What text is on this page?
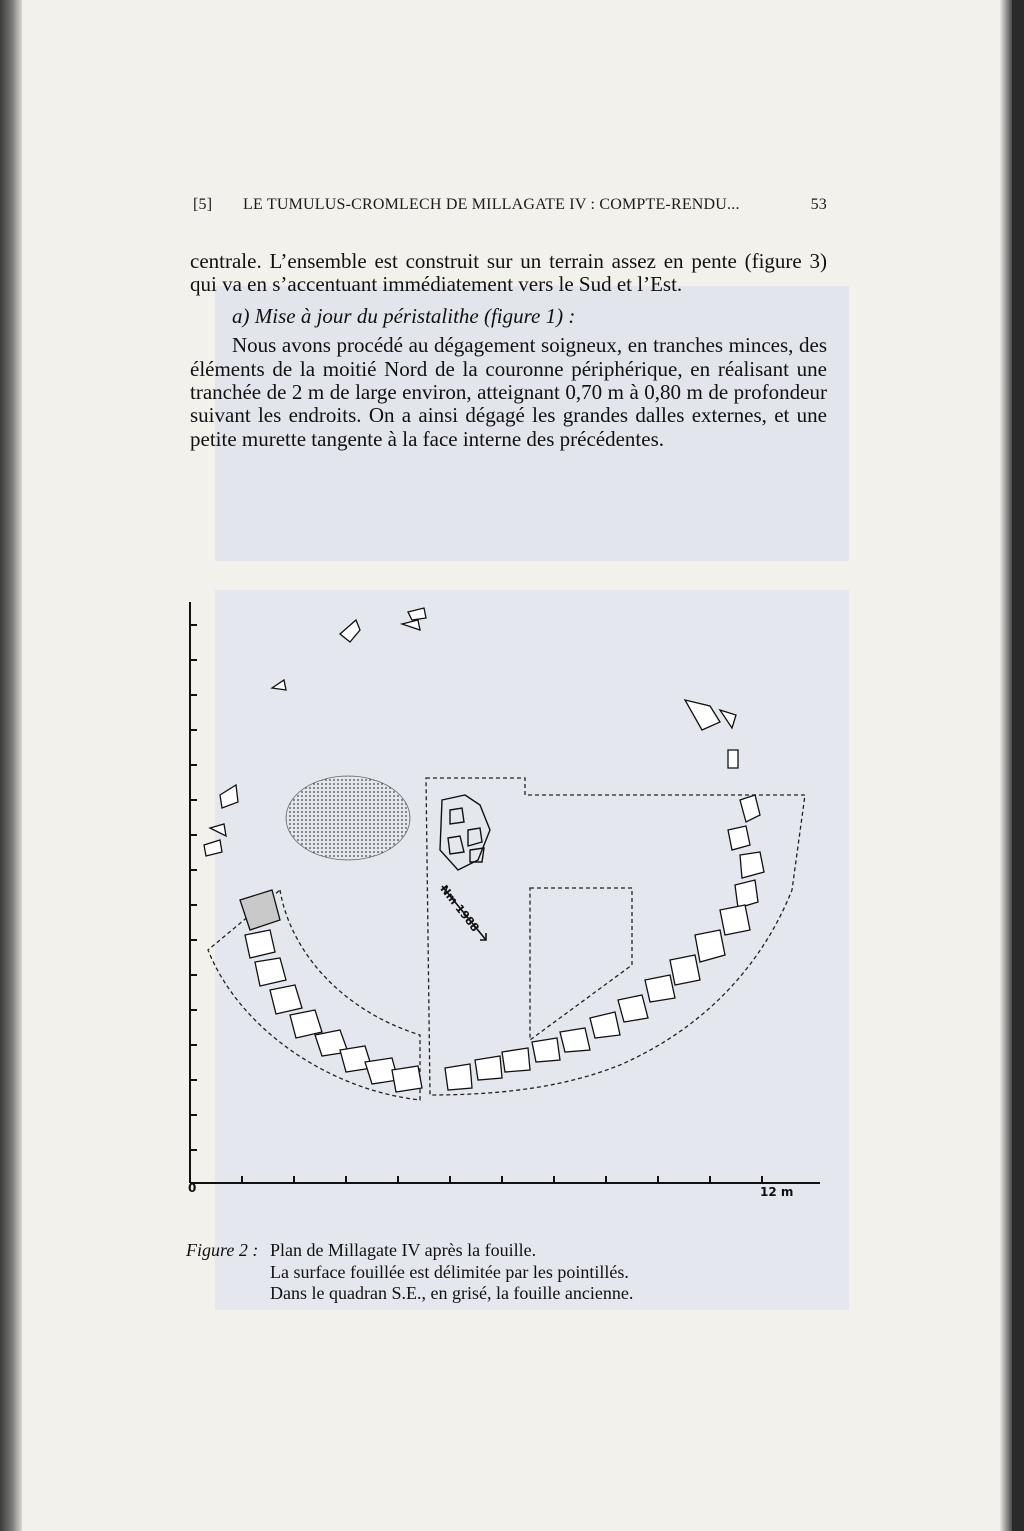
[5] LE TUMULUS-CROMLECH DE MILLAGATE IV : COMPTE-RENDU...	53

centrale. L’ensemble est construit sur un terrain assez en pente (figure 3)

qui va en s’accentuant immédiatement vers le Sud et l’Est.

a) Mise à jour du péristalithe (figure 1) :

Nous avons procédé au dégagement soigneux, en tranches minces, des éléments de la moitié Nord de la couronne périphérique, en réalisant une tranchée de 2 m de large environ, atteignant 0,70 m à 0,80 m de profondeur suivant les endroits. On a ainsi dégagé les grandes dalles externes, et une petite murette tangente à la face interne des précédentes.

0	12 m
Nm 1988
Figure 2 : Plan de Millagate IV après la fouille.
La surface fouillée est délimitée par les pointillés.
Dans le quadran S.E., en grisé, la fouille ancienne.
